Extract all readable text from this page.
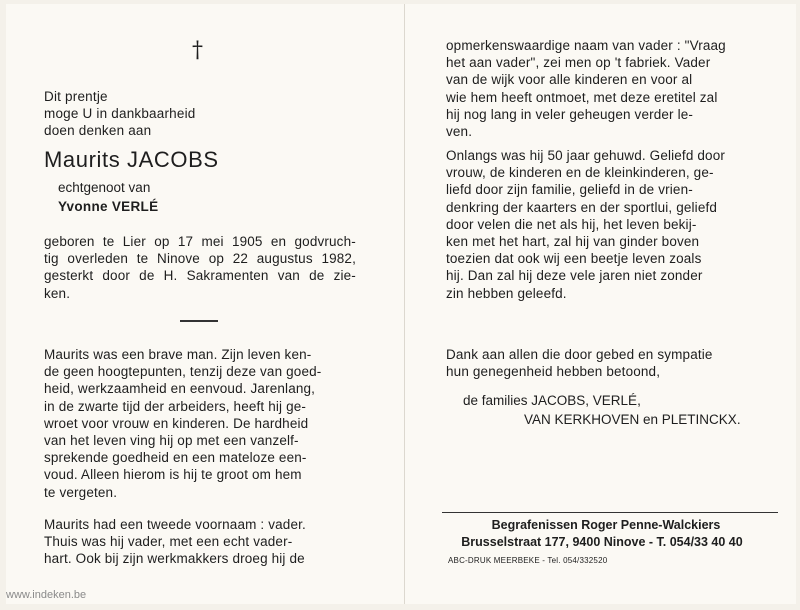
†
Dit prentje
moge U in dankbaarheid
doen denken aan
Maurits JACOBS
echtgenoot van
Yvonne VERLÉ
geboren te Lier op 17 mei 1905 en godvruch-
tig overleden te Ninove op 22 augustus 1982,
gesterkt door de H. Sakramenten van de zie-
ken.
Maurits was een brave man. Zijn leven ken-
de geen hoogtepunten, tenzij deze van goed-
heid, werkzaamheid en eenvoud. Jarenlang,
in de zwarte tijd der arbeiders, heeft hij ge-
wroet voor vrouw en kinderen. De hardheid
van het leven ving hij op met een vanzelf-
sprekende goedheid en een mateloze een-
voud. Alleen hierom is hij te groot om hem
te vergeten.
Maurits had een tweede voornaam : vader.
Thuis was hij vader, met een echt vader-
hart. Ook bij zijn werkmakkers droeg hij de
opmerkenswaardige naam van vader : "Vraag
het aan vader", zei men op 't fabriek. Vader
van de wijk voor alle kinderen en voor al
wie hem heeft ontmoet, met deze eretitel zal
hij nog lang in veler geheugen verder le-
ven.
Onlangs was hij 50 jaar gehuwd. Geliefd door
vrouw, de kinderen en de kleinkinderen, ge-
liefd door zijn familie, geliefd in de vrien-
denkring der kaarters en der sportlui, geliefd
door velen die net als hij, het leven bekij-
ken met het hart, zal hij van ginder boven
toezien dat ook wij een beetje leven zoals
hij. Dan zal hij deze vele jaren niet zonder
zin hebben geleefd.
Dank aan allen die door gebed en sympatie
hun genegenheid hebben betoond,
de families JACOBS, VERLÉ,
VAN KERKHOVEN en PLETINCKX.
Begrafenissen Roger Penne-Walckiers
Brusselstraat 177, 9400 Ninove - T. 054/33 40 40
ABC-DRUK MEERBEKE - Tel. 054/332520
www.indeken.be
